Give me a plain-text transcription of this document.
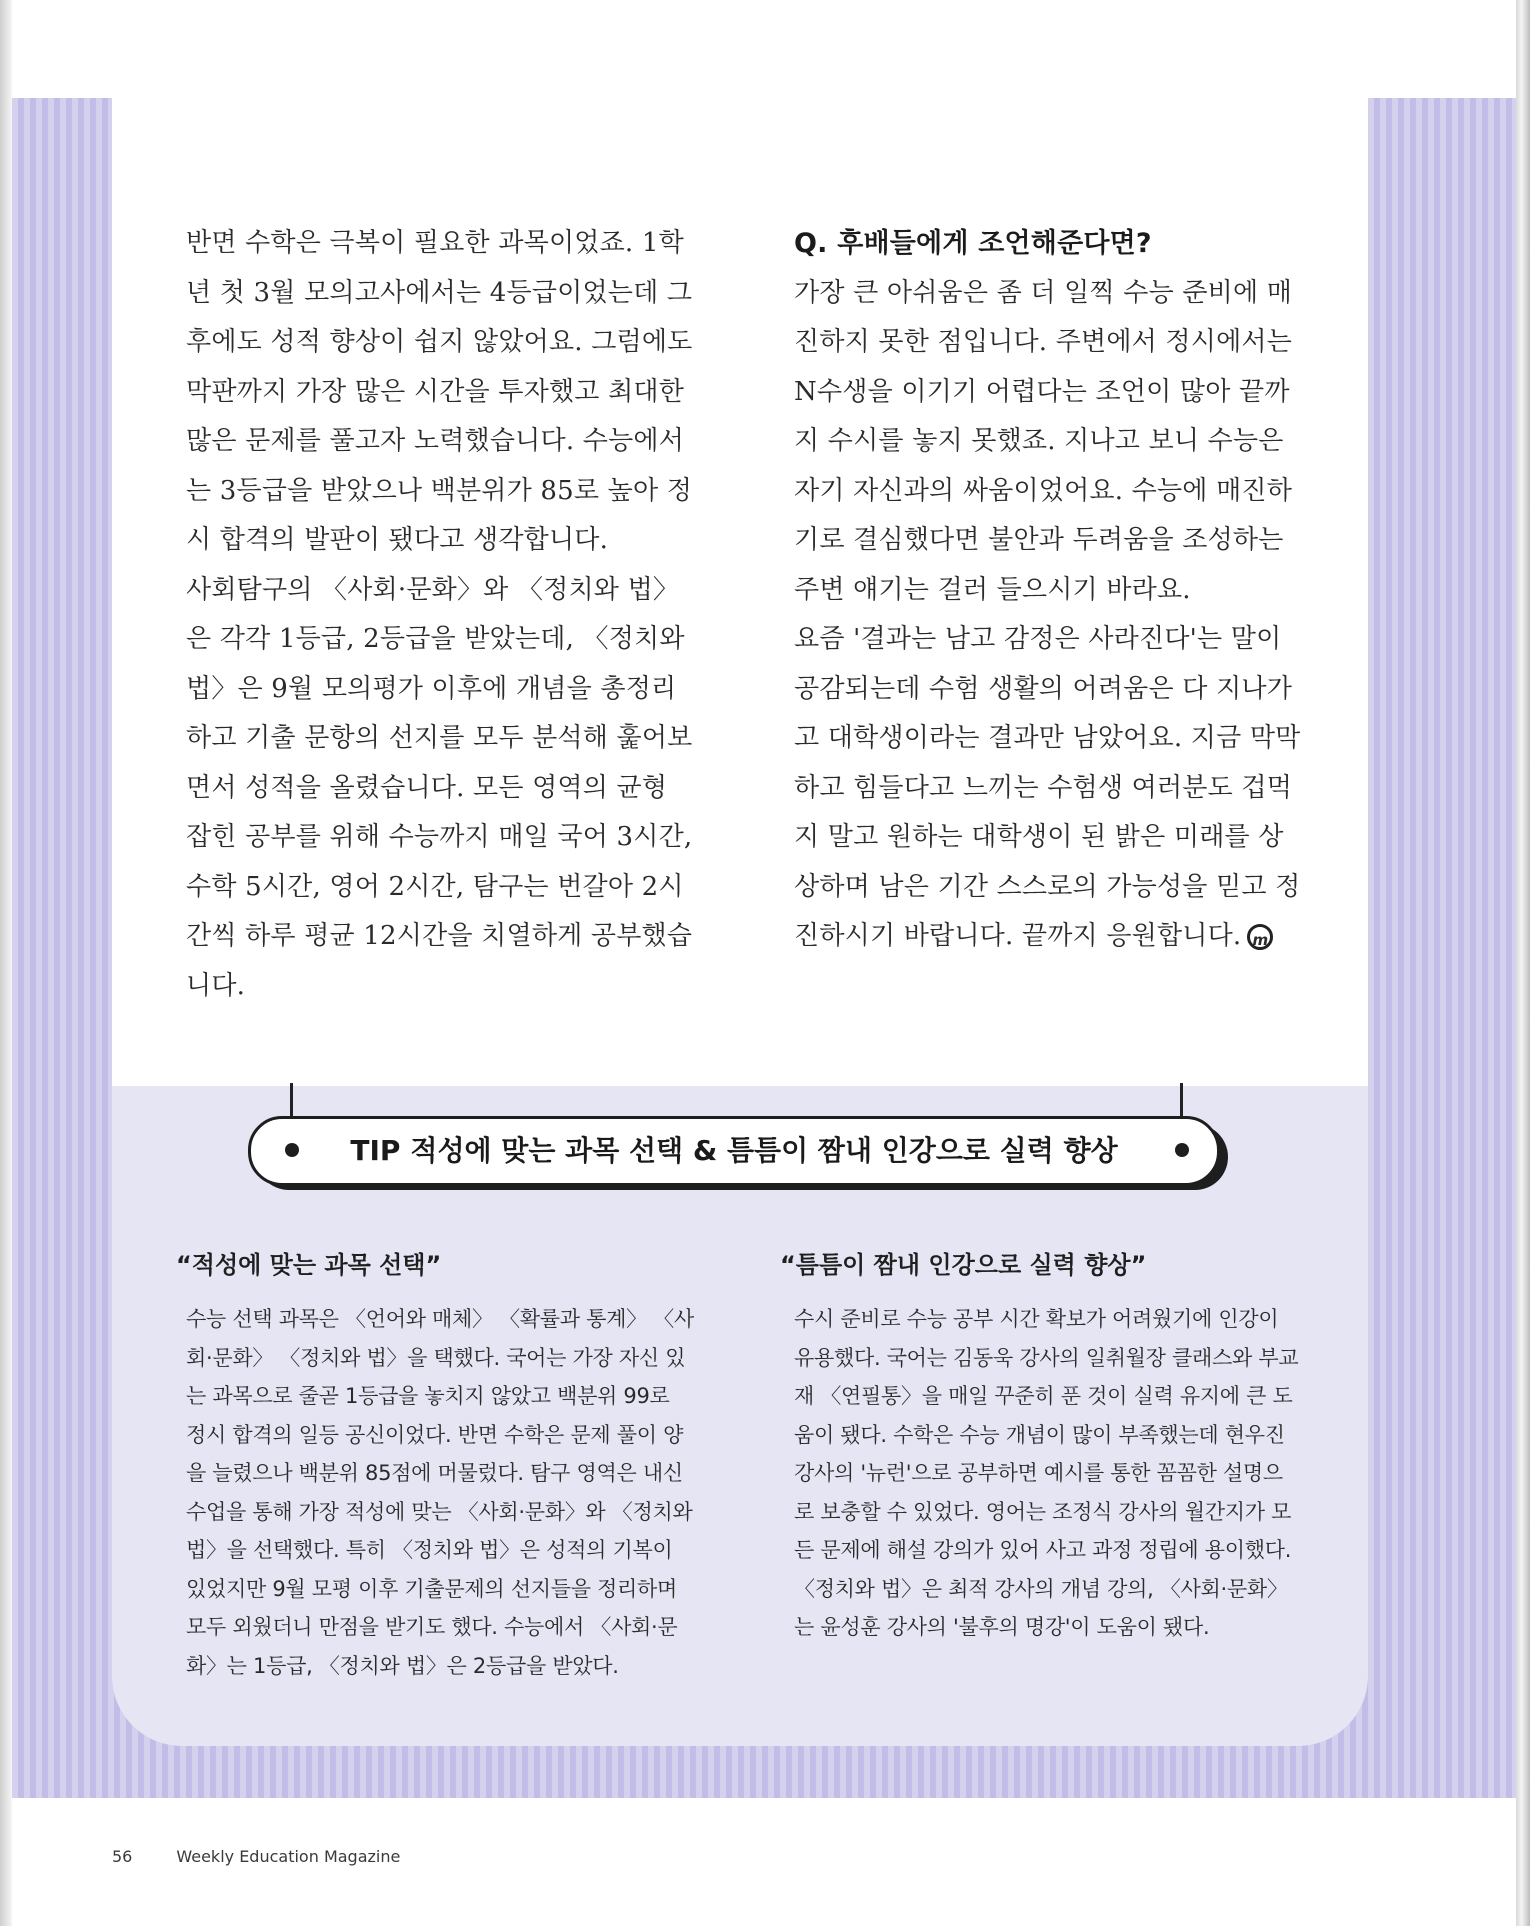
반면 수학은 극복이 필요한 과목이었죠. 1학년 첫 3월 모의고사에서는 4등급이었는데 그 후에도 성적 향상이 쉽지 않았어요. 그럼에도 막판까지 가장 많은 시간을 투자했고 최대한 많은 문제를 풀고자 노력했습니다. 수능에서는 3등급을 받았으나 백분위가 85로 높아 정시 합격의 발판이 됐다고 생각합니다.

사회탐구의 〈사회·문화〉와 〈정치와 법〉은 각각 1등급, 2등급을 받았는데, 〈정치와 법〉은 9월 모의평가 이후에 개념을 총정리하고 기출 문항의 선지를 모두 분석해 훑어보면서 성적을 올렸습니다. 모든 영역의 균형 잡힌 공부를 위해 수능까지 매일 국어 3시간, 수학 5시간, 영어 2시간, 탐구는 번갈아 2시간씩 하루 평균 12시간을 치열하게 공부했습니다.

Q. 후배들에게 조언해준다면?

가장 큰 아쉬움은 좀 더 일찍 수능 준비에 매진하지 못한 점입니다. 주변에서 정시에서는 N수생을 이기기 어렵다는 조언이 많아 끝까지 수시를 놓지 못했죠. 지나고 보니 수능은 자기 자신과의 싸움이었어요. 수능에 매진하기로 결심했다면 불안과 두려움을 조성하는 주변 얘기는 걸러 들으시기 바라요.

요즘 '결과는 남고 감정은 사라진다'는 말이 공감되는데 수험 생활의 어려움은 다 지나가고 대학생이라는 결과만 남았어요. 지금 막막하고 힘들다고 느끼는 수험생 여러분도 겁먹지 말고 원하는 대학생이 된 밝은 미래를 상상하며 남은 기간 스스로의 가능성을 믿고 정진하시기 바랍니다. 끝까지 응원합니다. m

TIP 적성에 맞는 과목 선택 & 틈틈이 짬내 인강으로 실력 향상
“적성에 맞는 과목 선택”	“틈틈이 짬내 인강으로 실력 향상”

수능 선택 과목은 〈언어와 매체〉 〈확률과 통계〉 〈사회·문화〉 〈정치와 법〉을 택했다. 국어는 가장 자신 있는 과목으로 줄곧 1등급을 놓치지 않았고 백분위 99로 정시 합격의 일등 공신이었다. 반면 수학은 문제 풀이 양을 늘렸으나 백분위 85점에 머물렀다. 탐구 영역은 내신 수업을 통해 가장 적성에 맞는 〈사회·문화〉와 〈정치와 법〉을 선택했다. 특히 〈정치와 법〉은 성적의 기복이 있었지만 9월 모평 이후 기출문제의 선지들을 정리하며 모두 외웠더니 만점을 받기도 했다. 수능에서 〈사회·문화〉는 1등급, 〈정치와 법〉은 2등급을 받았다.

수시 준비로 수능 공부 시간 확보가 어려웠기에 인강이 유용했다. 국어는 김동욱 강사의 일취월장 클래스와 부교재 〈연필통〉을 매일 꾸준히 푼 것이 실력 유지에 큰 도움이 됐다. 수학은 수능 개념이 많이 부족했는데 현우진 강사의 '뉴런'으로 공부하면 예시를 통한 꼼꼼한 설명으로 보충할 수 있었다. 영어는 조정식 강사의 월간지가 모든 문제에 해설 강의가 있어 사고 과정 정립에 용이했다. 〈정치와 법〉은 최적 강사의 개념 강의, 〈사회·문화〉는 윤성훈 강사의 '불후의 명강'이 도움이 됐다.

56	Weekly Education Magazine
